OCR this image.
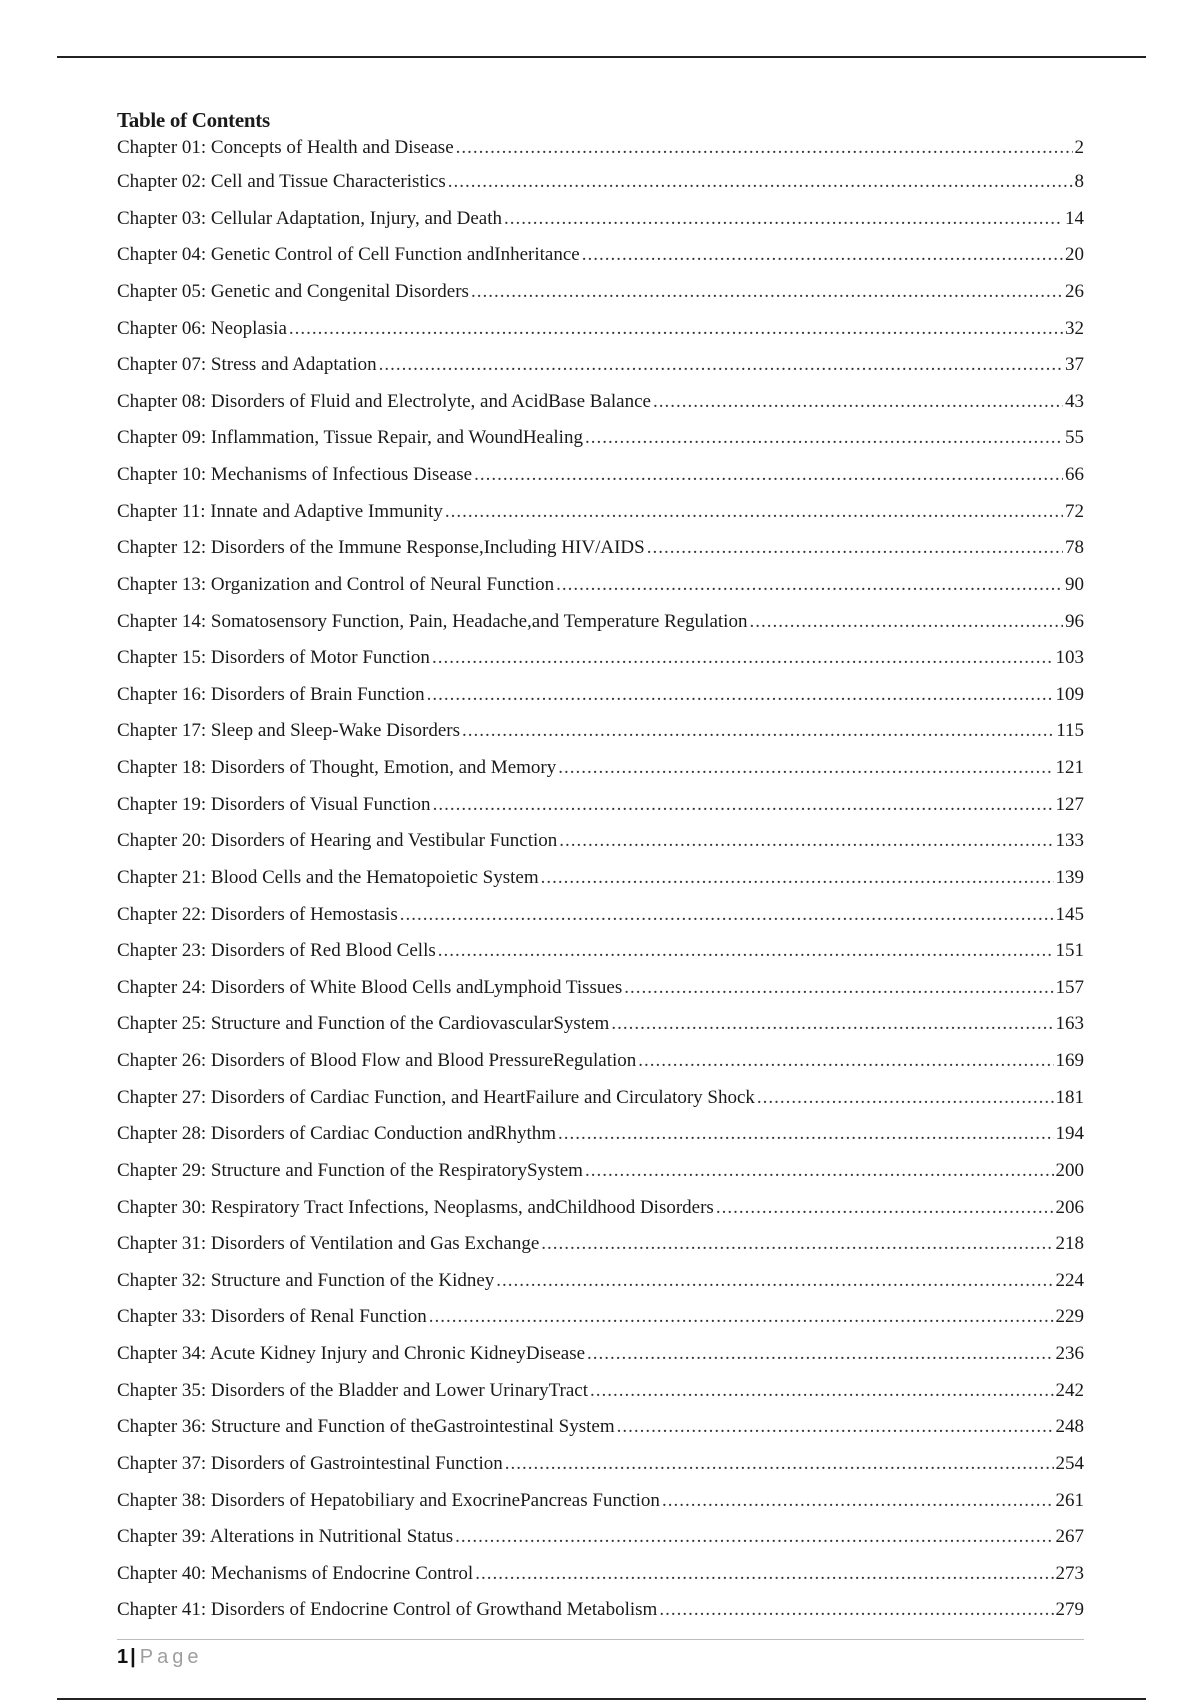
Table of Contents
Chapter 01: Concepts of Health and Disease .....	2
Chapter 02: Cell and Tissue Characteristics .....	8
Chapter 03: Cellular Adaptation, Injury, and Death .....	14
Chapter 04: Genetic Control of Cell Function andInheritance .....	20
Chapter 05: Genetic and Congenital Disorders .....	26
Chapter 06: Neoplasia .....	32
Chapter 07: Stress and Adaptation .....	37
Chapter 08: Disorders of Fluid and Electrolyte, and AcidBase Balance .....	43
Chapter 09: Inflammation, Tissue Repair, and WoundHealing .....	55
Chapter 10: Mechanisms of Infectious Disease .....	66
Chapter 11: Innate and Adaptive Immunity .....	72
Chapter 12: Disorders of the Immune Response,Including HIV/AIDS .....	78
Chapter 13: Organization and Control of Neural Function .....	90
Chapter 14: Somatosensory Function, Pain, Headache,and Temperature Regulation .....	96
Chapter 15: Disorders of Motor Function .....	103
Chapter 16: Disorders of Brain Function .....	109
Chapter 17: Sleep and Sleep-Wake Disorders .....	115
Chapter 18: Disorders of Thought, Emotion, and Memory .....	121
Chapter 19: Disorders of Visual Function .....	127
Chapter 20: Disorders of Hearing and Vestibular Function .....	133
Chapter 21: Blood Cells and the Hematopoietic System .....	139
Chapter 22: Disorders of Hemostasis .....	145
Chapter 23: Disorders of Red Blood Cells .....	151
Chapter 24: Disorders of White Blood Cells andLymphoid Tissues .....	157
Chapter 25: Structure and Function of the CardiovascularSystem .....	163
Chapter 26: Disorders of Blood Flow and Blood PressureRegulation .....	169
Chapter 27: Disorders of Cardiac Function, and HeartFailure and Circulatory Shock .....	181
Chapter 28: Disorders of Cardiac Conduction andRhythm .....	194
Chapter 29: Structure and Function of the RespiratorySystem .....	200
Chapter 30: Respiratory Tract Infections, Neoplasms, andChildhood Disorders .....	206
Chapter 31: Disorders of Ventilation and Gas Exchange .....	218
Chapter 32: Structure and Function of the Kidney .....	224
Chapter 33: Disorders of Renal Function .....	229
Chapter 34: Acute Kidney Injury and Chronic KidneyDisease .....	236
Chapter 35: Disorders of the Bladder and Lower UrinaryTract .....	242
Chapter 36: Structure and Function of theGastrointestinal System .....	248
Chapter 37: Disorders of Gastrointestinal Function .....	254
Chapter 38: Disorders of Hepatobiliary and ExocrinePancreas Function .....	261
Chapter 39: Alterations in Nutritional Status .....	267
Chapter 40: Mechanisms of Endocrine Control .....	273
Chapter 41: Disorders of Endocrine Control of Growthand Metabolism .....	279
1 | Page
